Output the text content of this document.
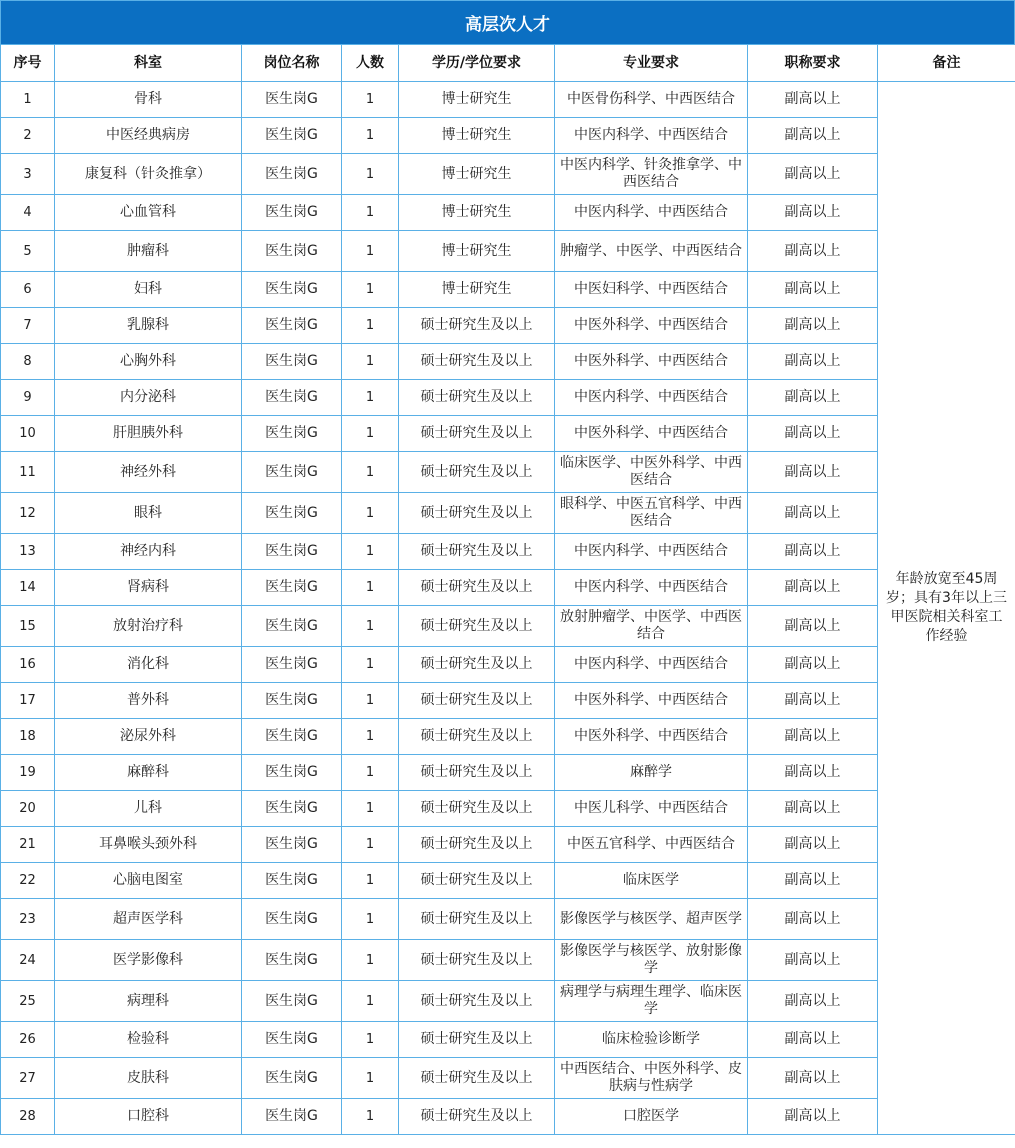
高层次人才
序号	科室	岗位名称	人数	学历/学位要求	专业要求	职称要求	备注
1	骨科	医生岗G	1	博士研究生	中医骨伤科学、中西医结合	副高以上	年龄放宽至45周岁；具有3年以上三甲医院相关科室工作经验
2	中医经典病房	医生岗G	1	博士研究生	中医内科学、中西医结合	副高以上	
3	康复科（针灸推拿）	医生岗G	1	博士研究生	中医内科学、针灸推拿学、中西医结合	副高以上	
4	心血管科	医生岗G	1	博士研究生	中医内科学、中西医结合	副高以上	
5	肿瘤科	医生岗G	1	博士研究生	肿瘤学、中医学、中西医结合	副高以上	
6	妇科	医生岗G	1	博士研究生	中医妇科学、中西医结合	副高以上	
7	乳腺科	医生岗G	1	硕士研究生及以上	中医外科学、中西医结合	副高以上	
8	心胸外科	医生岗G	1	硕士研究生及以上	中医外科学、中西医结合	副高以上	
9	内分泌科	医生岗G	1	硕士研究生及以上	中医内科学、中西医结合	副高以上	
10	肝胆胰外科	医生岗G	1	硕士研究生及以上	中医外科学、中西医结合	副高以上	
11	神经外科	医生岗G	1	硕士研究生及以上	临床医学、中医外科学、中西医结合	副高以上	
12	眼科	医生岗G	1	硕士研究生及以上	眼科学、中医五官科学、中西医结合	副高以上	
13	神经内科	医生岗G	1	硕士研究生及以上	中医内科学、中西医结合	副高以上	
14	肾病科	医生岗G	1	硕士研究生及以上	中医内科学、中西医结合	副高以上	
15	放射治疗科	医生岗G	1	硕士研究生及以上	放射肿瘤学、中医学、中西医结合	副高以上	
16	消化科	医生岗G	1	硕士研究生及以上	中医内科学、中西医结合	副高以上	
17	普外科	医生岗G	1	硕士研究生及以上	中医外科学、中西医结合	副高以上	
18	泌尿外科	医生岗G	1	硕士研究生及以上	中医外科学、中西医结合	副高以上	
19	麻醉科	医生岗G	1	硕士研究生及以上	麻醉学	副高以上	
20	儿科	医生岗G	1	硕士研究生及以上	中医儿科学、中西医结合	副高以上	
21	耳鼻喉头颈外科	医生岗G	1	硕士研究生及以上	中医五官科学、中西医结合	副高以上	
22	心脑电图室	医生岗G	1	硕士研究生及以上	临床医学	副高以上	
23	超声医学科	医生岗G	1	硕士研究生及以上	影像医学与核医学、超声医学	副高以上	
24	医学影像科	医生岗G	1	硕士研究生及以上	影像医学与核医学、放射影像学	副高以上	
25	病理科	医生岗G	1	硕士研究生及以上	病理学与病理生理学、临床医学	副高以上	
26	检验科	医生岗G	1	硕士研究生及以上	临床检验诊断学	副高以上	
27	皮肤科	医生岗G	1	硕士研究生及以上	中西医结合、中医外科学、皮肤病与性病学	副高以上	
28	口腔科	医生岗G	1	硕士研究生及以上	口腔医学	副高以上	
